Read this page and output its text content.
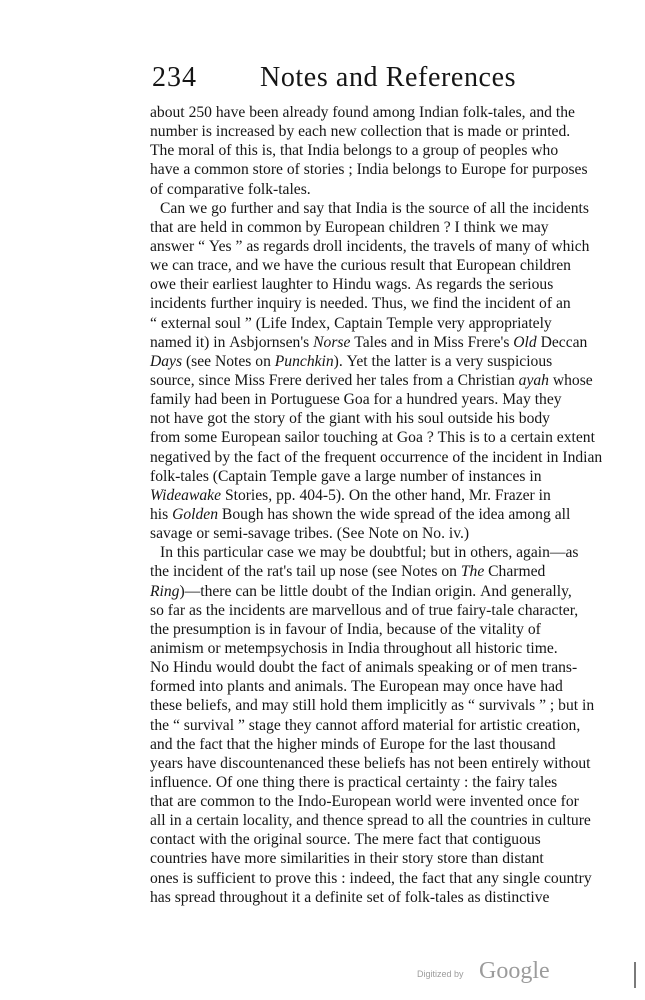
234 Notes and References
about
250
have
been
already
found
among
Indian
folk-tales,
and
the
number
is
increased
by
each
new
collection
that
is
made
or
printed.
The
moral
of
this
is,
that
India
belongs
to
a
group
of
peoples
who
have
a
common
store
of
stories
;
India
belongs
to
Europe
for
purposes
of
comparative
folk-tales.
Can
we
go
further
and
say
that
India
is
the
source
of
all
the
incidents
that
are
held
in
common
by
European
children
?
I
think
we
may
answer
“
Yes
”
as
regards
droll
incidents,
the
travels
of
many
of
which
we
can
trace,
and
we
have
the
curious
result
that
European
children
owe
their
earliest
laughter
to
Hindu
wags.
As
regards
the
serious
incidents
further
inquiry
is
needed.
Thus,
we
find
the
incident
of
an
“
external
soul
”
(Life
Index,
Captain
Temple
very
appropriately
named
it)
in
Asbjornsen's
Norse
Tales
and
in
Miss
Frere's
Old
Deccan
Days
(see
Notes
on
Punchkin).
Yet
the
latter
is
a
very
suspicious
source,
since
Miss
Frere
derived
her
tales
from
a
Christian
ayah
whose
family
had
been
in
Portuguese
Goa
for
a
hundred
years.
May
they
not
have
got
the
story
of
the
giant
with
his
soul
outside
his
body
from
some
European
sailor
touching
at
Goa
?
This
is
to
a
certain
extent
negatived
by
the
fact
of
the
frequent
occurrence
of
the
incident
in
Indian
folk-tales
(Captain
Temple
gave
a
large
number
of
instances
in
Wideawake
Stories,
pp.
404-5).
On
the
other
hand,
Mr.
Frazer
in
his
Golden
Bough
has
shown
the
wide
spread
of
the
idea
among
all
savage
or
semi-savage
tribes.
(See
Note
on
No.
iv.)
In
this
particular
case
we
may
be
doubtful;
but
in
others,
again—as
the
incident
of
the
rat's
tail
up
nose
(see
Notes
on
The
Charmed
Ring)—there
can
be
little
doubt
of
the
Indian
origin.
And
generally,
so
far
as
the
incidents
are
marvellous
and
of
true
fairy-tale
character,
the
presumption
is
in
favour
of
India,
because
of
the
vitality
of
animism
or
metempsychosis
in
India
throughout
all
historic
time.
No
Hindu
would
doubt
the
fact
of
animals
speaking
or
of
men
trans-
formed
into
plants
and
animals.
The
European
may
once
have
had
these
beliefs,
and
may
still
hold
them
implicitly
as
“
survivals
”
;
but
in
the
“
survival
”
stage
they
cannot
afford
material
for
artistic
creation,
and
the
fact
that
the
higher
minds
of
Europe
for
the
last
thousand
years
have
discountenanced
these
beliefs
has
not
been
entirely
without
influence.
Of
one
thing
there
is
practical
certainty
:
the
fairy
tales
that
are
common
to
the
Indo-European
world
were
invented
once
for
all
in
a
certain
locality,
and
thence
spread
to
all
the
countries
in
culture
contact
with
the
original
source.
The
mere
fact
that
contiguous
countries
have
more
similarities
in
their
story
store
than
distant
ones
is
sufficient
to
prove
this
:
indeed,
the
fact
that
any
single
country
has
spread
throughout
it
a
definite
set
of
folk-tales
as
distinctive
Digitized by Google
